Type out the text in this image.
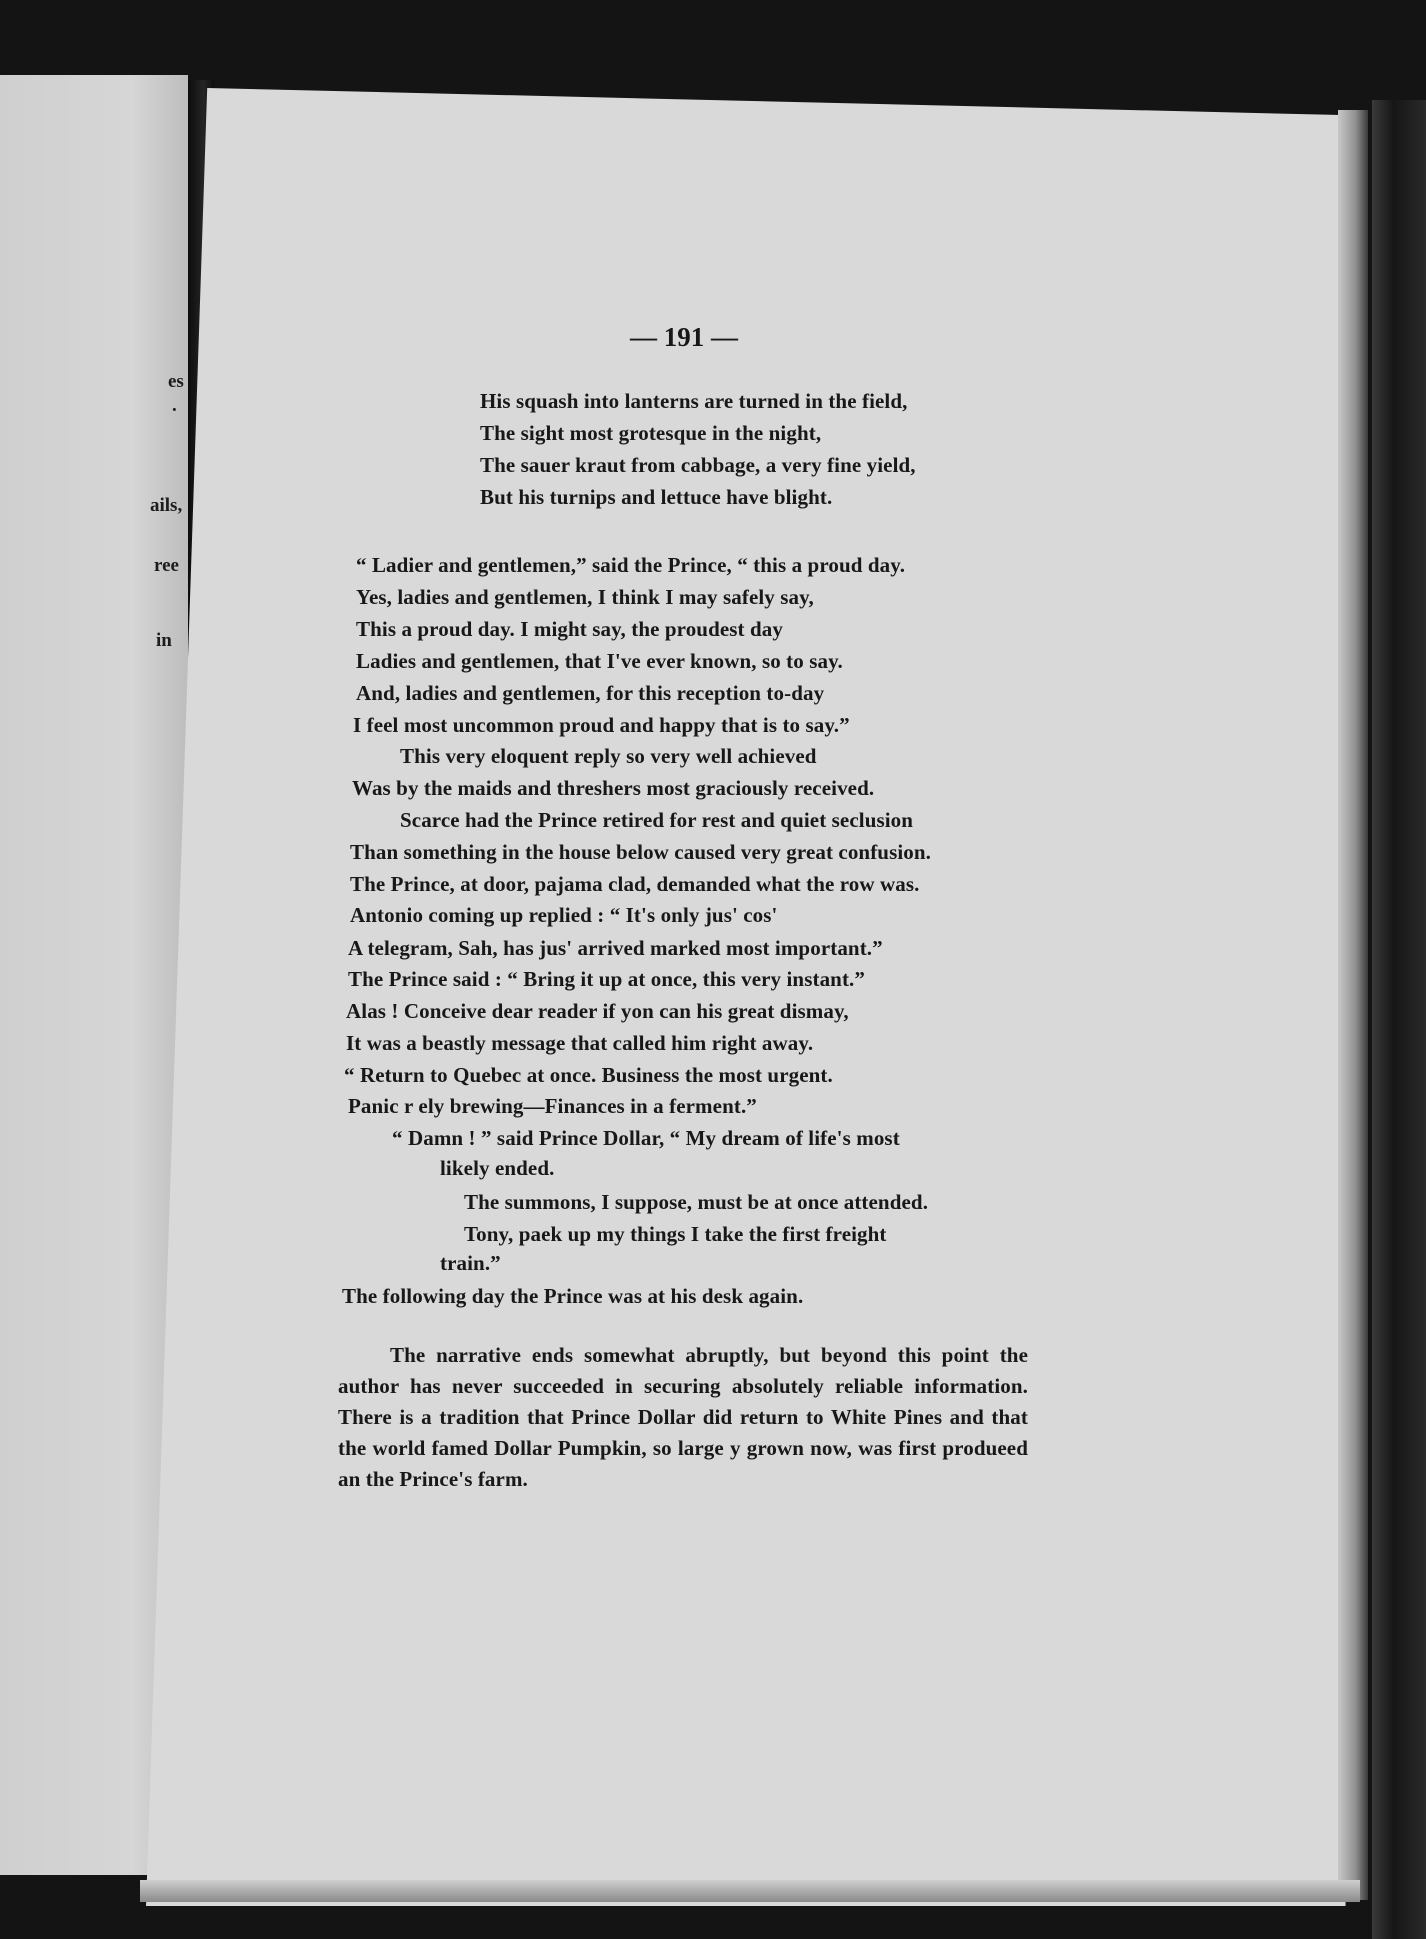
es
.
ails,
ree
in
— 191 —
His squash into lanterns are turned in the field,
The sight most grotesque in the night,
The sauer kraut from cabbage, a very fine yield,
But his turnips and lettuce have blight.
“ Ladier and gentlemen,” said the Prince, “ this a proud day.
Yes, ladies and gentlemen, I think I may safely say,
This a proud day. I might say, the proudest day
Ladies and gentlemen, that I've ever known, so to say.
And, ladies and gentlemen, for this reception to-day
I feel most uncommon proud and happy that is to say.”
This very eloquent reply so very well achieved
Was by the maids and threshers most graciously received.
Scarce had the Prince retired for rest and quiet seclusion
Than something in the house below caused very great confusion.
The Prince, at door, pajama clad, demanded what the row was.
Antonio coming up replied : “ It's only jus' cos'
A telegram, Sah, has jus' arrived marked most important.”
The Prince said : “ Bring it up at once, this very instant.”
Alas ! Conceive dear reader if yon can his great dismay,
It was a beastly message that called him right away.
“ Return to Quebec at once. Business the most urgent.
Panic r ely brewing—Finances in a ferment.”
“ Damn ! ” said Prince Dollar, “ My dream of life's most
likely ended.
The summons, I suppose, must be at once attended.
Tony, paek up my things I take the first freight
train.”
The following day the Prince was at his desk again.
The narrative ends somewhat abruptly, but beyond this point the author has never succeeded in securing absolutely reliable information. There is a tradition that Prince Dollar did return to White Pines and that the world famed Dollar Pumpkin, so large y grown now, was first produeed an the Prince's farm.
